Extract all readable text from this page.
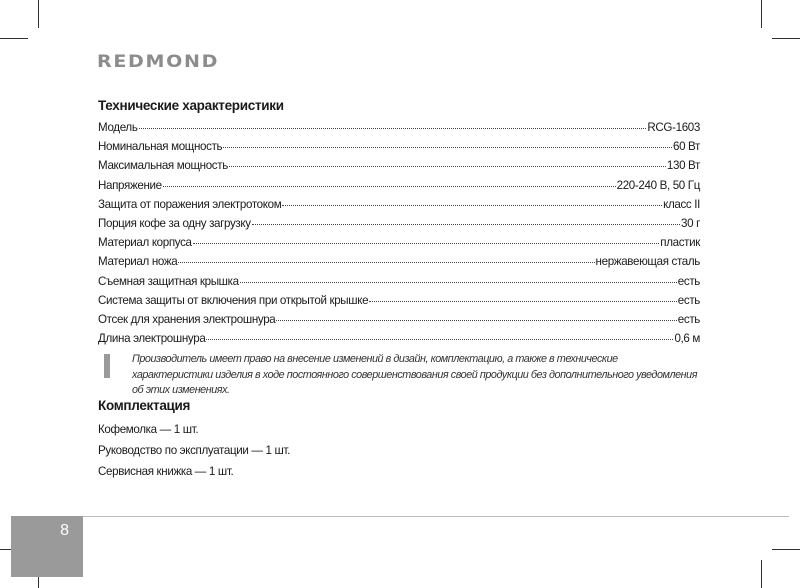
REDMOND
Технические характеристики
Модель	RCG-1603
Номинальная мощность	60 Вт
Максимальная мощность	130 Вт
Напряжение	220-240 В, 50 Гц
Защита от поражения электротоком	класс II
Порция кофе за одну загрузку	30 г
Материал корпуса	пластик
Материал ножа	нержавеющая сталь
Съемная защитная крышка	есть
Система защиты от включения при открытой крышке	есть
Отсек для хранения электрошнура	есть
Длина электрошнура	0,6 м
Производитель имеет право на внесение изменений в дизайн, комплектацию, а также в технические характеристики изделия в ходе постоянного совершенствования своей продукции без дополнительного уведомления об этих изменениях.
Комплектация
Кофемолка — 1 шт.
Руководство по эксплуатации — 1 шт.
Сервисная книжка — 1 шт.
8
